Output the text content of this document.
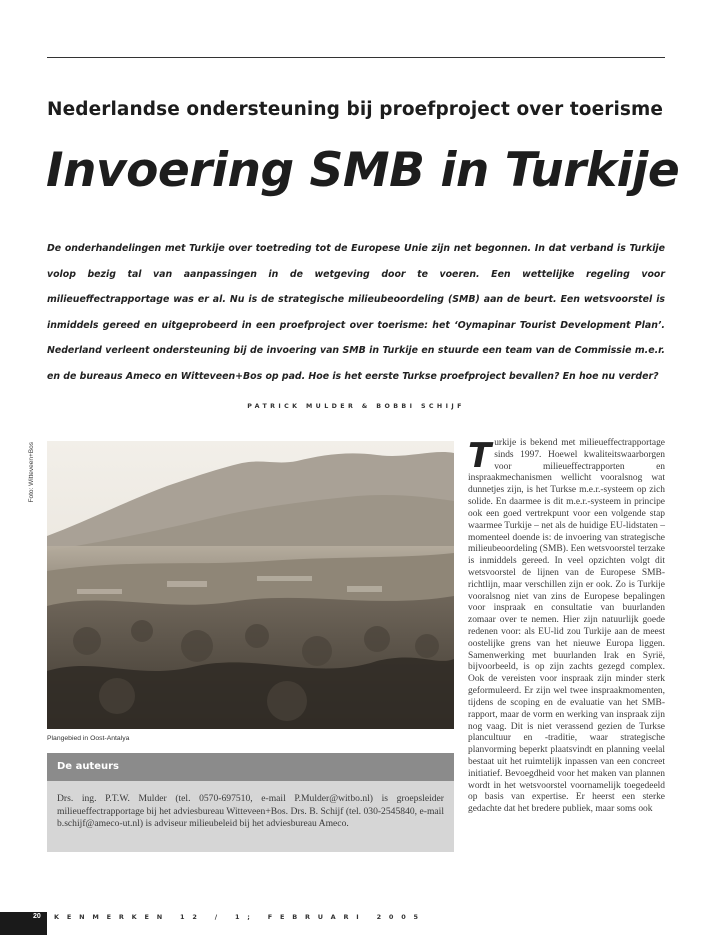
Nederlandse ondersteuning bij proefproject over toerisme
Invoering SMB in Turkije

De onderhandelingen met Turkije over toetreding tot de Europese Unie zijn net begonnen. In dat verband is Turkije volop bezig tal van aanpassingen in de wetgeving door te voeren. Een wettelijke regeling voor milieueffectrapportage was er al. Nu is de strategische milieubeoordeling (SMB) aan de beurt. Een wetsvoorstel is inmiddels gereed en uitgeprobeerd in een proefproject over toerisme: het ‘Oymapinar Tourist Development Plan’. Nederland verleent ondersteuning bij de invoering van SMB in Turkije en stuurde een team van de Commissie m.e.r. en de bureaus Ameco en Witteveen+Bos op pad. Hoe is het eerste Turkse proefproject bevallen? En hoe nu verder?

PATRICK MULDER & BOBBI SCHIJF
Foto: Witteveen+Bos
Plangebied in Oost-Antalya
De auteurs

Drs. ing. P.T.W. Mulder (tel. 0570-697510, e-mail P.Mulder@witbo.nl) is groepsleider milieueffectrapportage bij het adviesbureau Witteveen+Bos. Drs. B. Schijf (tel. 030-2545840, e-mail b.schijf@ameco-ut.nl) is adviseur milieubeleid bij het adviesbureau Ameco.

Turkije is bekend met milieueffectrapportage sinds 1997. Hoewel kwaliteitswaarborgen voor milieueffectrapporten en inspraakmechanismen wellicht vooralsnog wat dunnetjes zijn, is het Turkse m.e.r.-systeem op zich solide. En daarmee is dit m.e.r.-systeem in principe ook een goed vertrekpunt voor een volgende stap waarmee Turkije – net als de huidige EU-lidstaten – momenteel doende is: de invoering van strategische milieubeoordeling (SMB). Een wetsvoorstel terzake is inmiddels gereed. In veel opzichten volgt dit wetsvoorstel de lijnen van de Europese SMB-richtlijn, maar verschillen zijn er ook. Zo is Turkije vooralsnog niet van zins de Europese bepalingen voor inspraak en consultatie van buurlanden zomaar over te nemen. Hier zijn natuurlijk goede redenen voor: als EU-lid zou Turkije aan de meest oostelijke grens van het nieuwe Europa liggen. Samenwerking met buurlanden Irak en Syrië, bijvoorbeeld, is op zijn zachts gezegd complex. Ook de vereisten voor inspraak zijn minder sterk geformuleerd. Er zijn wel twee inspraakmomenten, tijdens de scoping en de evaluatie van het SMB-rapport, maar de vorm en werking van inspraak zijn nog vaag. Dit is niet verassend gezien de Turkse plancultuur en -traditie, waar strategische planvorming beperkt plaatsvindt en planning veelal bestaat uit het ruimtelijk inpassen van een concreet initiatief. Bevoegdheid voor het maken van plannen wordt in het wetsvoorstel voornamelijk toegedeeld op basis van expertise. Er heerst een sterke gedachte dat het bredere publiek, maar soms ook

20 KENMERKEN 12 / 1; FEBRUARI 2005
